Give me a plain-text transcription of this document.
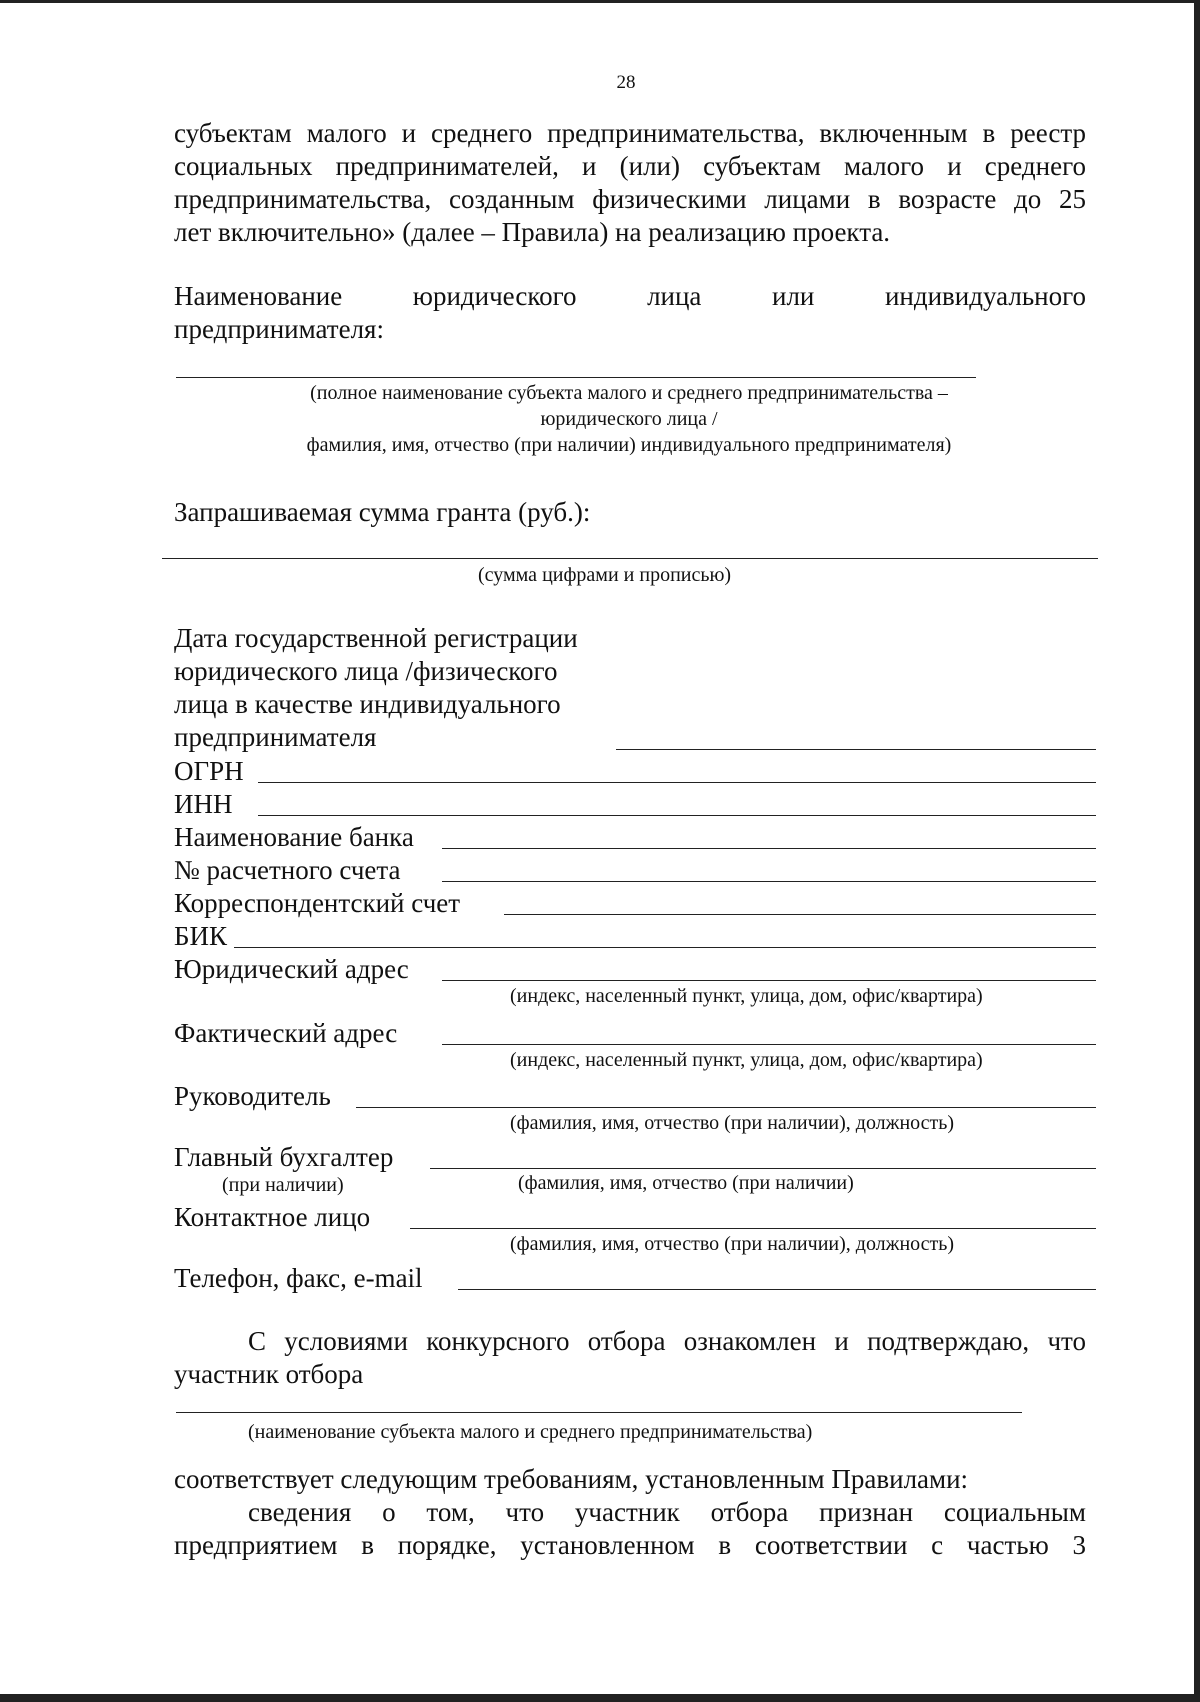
28
субъектам малого и среднего предпринимательства, включенным в реестр
социальных предпринимателей, и (или) субъектам малого и среднего
предпринимательства, созданным физическими лицами в возрасте до 25
лет включительно» (далее – Правила) на реализацию проекта.
Наименование юридического лица или индивидуального
предпринимателя:
(полное наименование субъекта малого и среднего предпринимательства –
юридического лица /
фамилия, имя, отчество (при наличии) индивидуального предпринимателя)
Запрашиваемая сумма гранта (руб.):
(сумма цифрами и прописью)
Дата государственной регистрации
юридического лица /физического
лица в качестве индивидуального
предпринимателя
ОГРН
ИНН
Наименование банка
№ расчетного счета
Корреспондентский счет
БИК
Юридический адрес
(индекс, населенный пункт, улица, дом, офис/квартира)
Фактический адрес
(индекс, населенный пункт, улица, дом, офис/квартира)
Руководитель
(фамилия, имя, отчество (при наличии), должность)
Главный бухгалтер
(при наличии)	(фамилия, имя, отчество (при наличии)
Контактное лицо
(фамилия, имя, отчество (при наличии), должность)
Телефон, факс, e-mail
С условиями конкурсного отбора ознакомлен и подтверждаю, что
участник отбора
(наименование субъекта малого и среднего предпринимательства)
соответствует следующим требованиям, установленным Правилами:
сведения о том, что участник отбора признан социальным
предприятием в порядке, установленном в соответствии с частью 3
